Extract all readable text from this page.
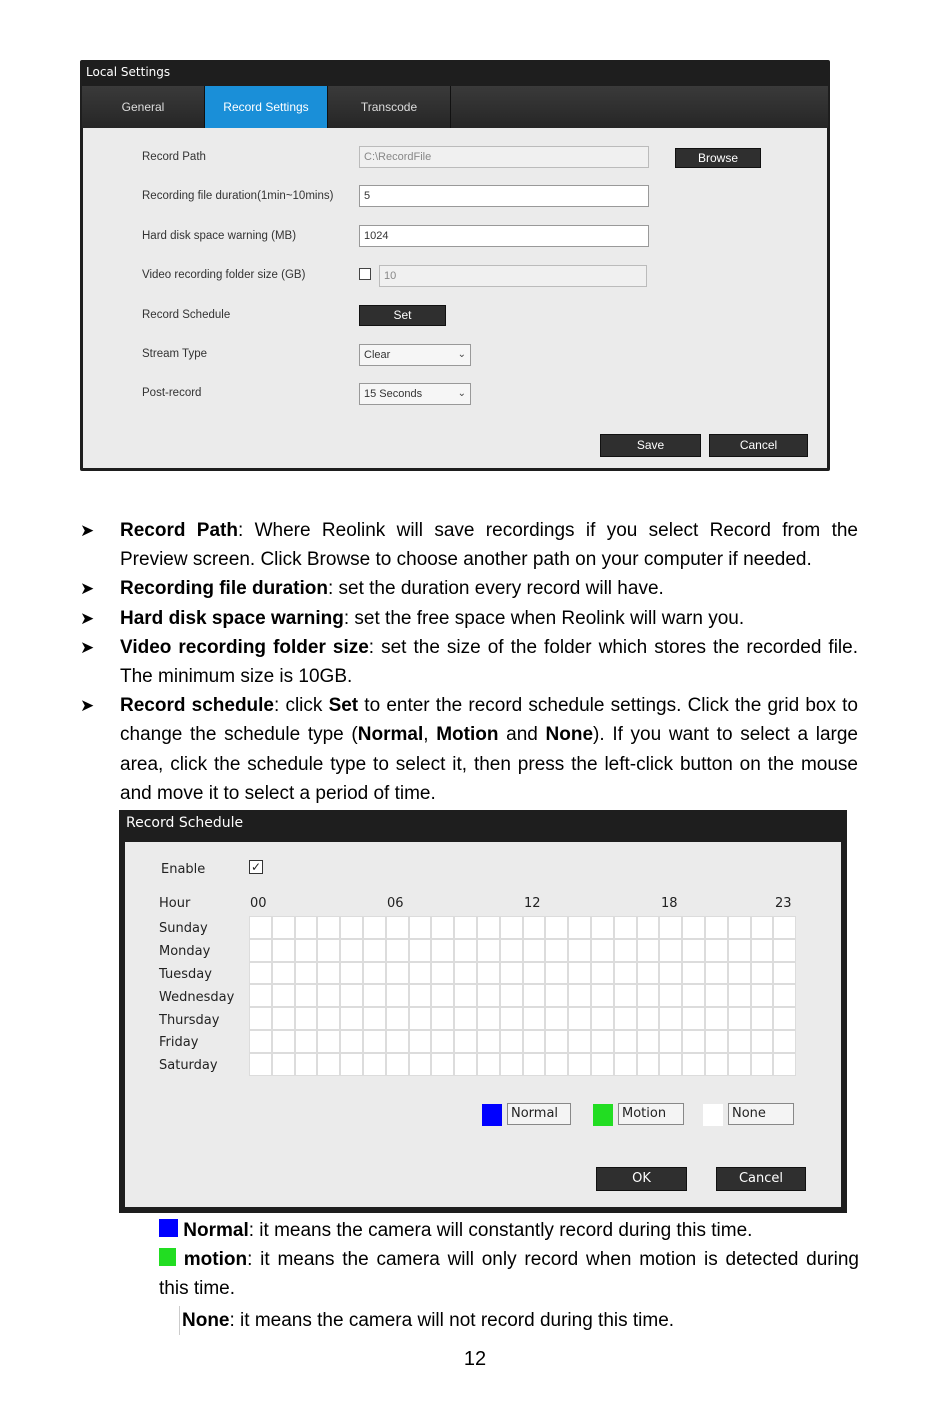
Local Settings
General	Record Settings	Transcode
Record Path	C:\RecordFile	Browse
Recording file duration(1min~10mins)	5
Hard disk space warning (MB)	1024
Video recording folder size (GB)	10
Record Schedule	Set
Stream Type	Clear	⌄
Post-record	15 Seconds	⌄
Save	Cancel
➤ Record Path: Where Reolink will save recordings if you select Record from the Preview screen. Click Browse to choose another path on your computer if needed.
➤ Recording file duration: set the duration every record will have.
➤ Hard disk space warning: set the free space when Reolink will warn you.
➤ Video recording folder size: set the size of the folder which stores the recorded file. The minimum size is 10GB.
➤ Record schedule: click Set to enter the record schedule settings. Click the grid box to change the schedule type (Normal, Motion and None). If you want to select a large area, click the schedule type to select it, then press the left-click button on the mouse and move it to select a period of time.
Record Schedule
Enable	✓
Hour	00	06	12	18	23
Sunday
Monday
Tuesday
Wednesday
Thursday
Friday
Saturday
Normal	Motion	None
OK	Cancel
Normal: it means the camera will constantly record during this time.
motion: it means the camera will only record when motion is detected during this time.
None: it means the camera will not record during this time.
12
